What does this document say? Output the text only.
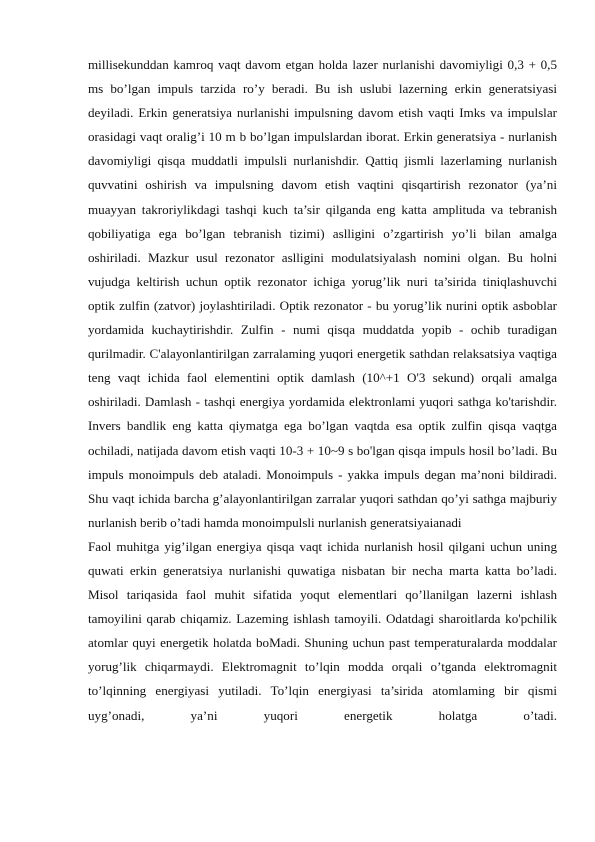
millisekunddan kamroq vaqt davom etgan holda lazer nurlanishi davomiyligi 0,3 + 0,5 ms bo’lgan impuls tarzida ro’y beradi. Bu ish uslubi lazerning erkin generatsiyasi deyiladi. Erkin generatsiya nurlanishi impulsning davom etish vaqti Imks va impulslar orasidagi vaqt oralig’i 10 m b bo’lgan impulslardan iborat. Erkin generatsiya - nurlanish davomiyligi qisqa muddatli impulsli nurlanishdir. Qattiq jismli lazerlaming nurlanish quvvatini oshirish va impulsning davom etish vaqtini qisqartirish rezonator (ya’ni muayyan takroriylikdagi tashqi kuch ta’sir qilganda eng katta amplituda va tebranish qobiliyatiga ega bo’lgan tebranish tizimi) aslligini o’zgartirish yo’li bilan amalga oshiriladi. Mazkur usul rezonator aslligini modulatsiyalash nomini olgan. Bu holni vujudga keltirish uchun optik rezonator ichiga yorug’lik nuri ta’sirida tiniqlashuvchi optik zulfin (zatvor) joylashtiriladi. Optik rezonator - bu yorug’lik nurini optik asboblar yordamida kuchaytirishdir. Zulfin - numi qisqa muddatda yopib - ochib turadigan qurilmadir. C'alayonlantirilgan zarralaming yuqori energetik sathdan relaksatsiya vaqtiga teng vaqt ichida faol elementini optik damlash (10^+1 O'3 sekund) orqali amalga oshiriladi. Damlash - tashqi energiya yordamida elektronlami yuqori sathga ko'tarishdir. Invers bandlik eng katta qiymatga ega bo’lgan vaqtda esa optik zulfin qisqa vaqtga ochiladi, natijada davom etish vaqti 10-3 + 10~9 s bo'lgan qisqa impuls hosil bo’ladi. Bu impuls monoimpuls deb ataladi. Monoimpuls - yakka impuls degan ma’noni bildiradi. Shu vaqt ichida barcha g’alayonlantirilgan zarralar yuqori sathdan qo’yi sathga majburiy nurlanish berib o’tadi hamda monoimpulsli nurlanish generatsiyaianadi

Faol muhitga yig’ilgan energiya qisqa vaqt ichida nurlanish hosil qilgani uchun uning quwati erkin generatsiya nurlanishi quwatiga nisbatan bir necha marta katta bo’ladi. Misol tariqasida faol muhit sifatida yoqut elementlari qo’llanilgan lazerni ishlash tamoyilini qarab chiqamiz. Lazeming ishlash tamoyili. Odatdagi sharoitlarda ko'pchilik atomlar quyi energetik holatda boMadi. Shuning uchun past temperaturalarda moddalar yorug’lik chiqarmaydi. Elektromagnit to’lqin modda orqali o’tganda elektromagnit to’lqinning energiyasi yutiladi. To’lqin energiyasi ta’sirida atomlaming bir qismi uyg’onadi, ya’ni yuqori energetik holatga o’tadi.
